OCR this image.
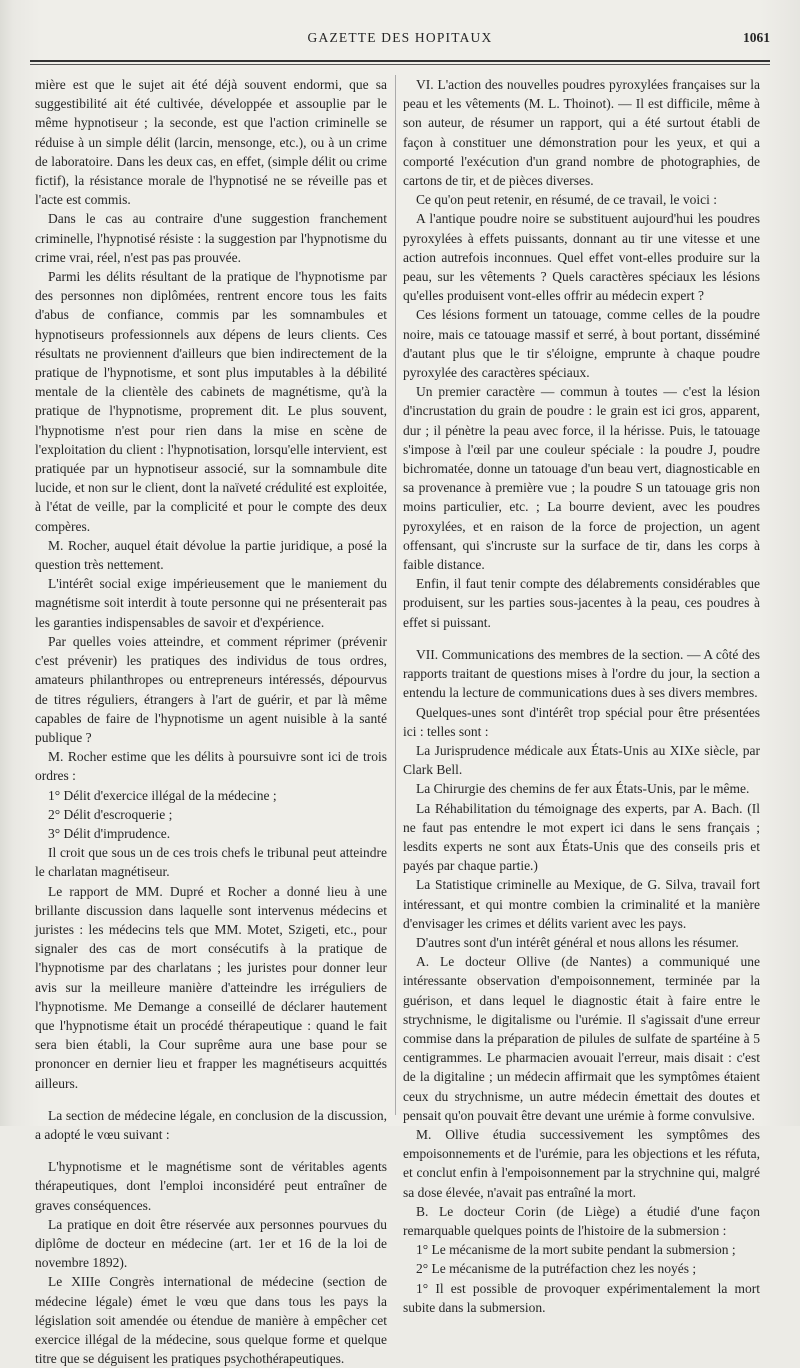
GAZETTE DES HOPITAUX	1061

mière est que le sujet ait été déjà souvent endormi, que sa suggestibilité ait été cultivée, développée et assouplie par le même hypnotiseur ; la seconde, est que l'action criminelle se réduise à un simple délit (larcin, mensonge, etc.), ou à un crime de laboratoire. Dans les deux cas, en effet, (simple délit ou crime fictif), la résistance morale de l'hypnotisé ne se réveille pas et l'acte est commis.

Dans le cas au contraire d'une suggestion franchement criminelle, l'hypnotisé résiste : la suggestion par l'hypnotisme du crime vrai, réel, n'est pas pas prouvée.

Parmi les délits résultant de la pratique de l'hypnotisme par des personnes non diplômées, rentrent encore tous les faits d'abus de confiance, commis par les somnambules et hypnotiseurs professionnels aux dépens de leurs clients. Ces résultats ne proviennent d'ailleurs que bien indirectement de la pratique de l'hypnotisme, et sont plus imputables à la débilité mentale de la clientèle des cabinets de magnétisme, qu'à la pratique de l'hypnotisme, proprement dit. Le plus souvent, l'hypnotisme n'est pour rien dans la mise en scène de l'exploitation du client : l'hypnotisation, lorsqu'elle intervient, est pratiquée par un hypnotiseur associé, sur la somnambule dite lucide, et non sur le client, dont la naïveté crédulité est exploitée, à l'état de veille, par la complicité et pour le compte des deux compères.

M. Rocher, auquel était dévolue la partie juridique, a posé la question très nettement.

L'intérêt social exige impérieusement que le maniement du magnétisme soit interdit à toute personne qui ne présenterait pas les garanties indispensables de savoir et d'expérience.

Par quelles voies atteindre, et comment réprimer (prévenir c'est prévenir) les pratiques des individus de tous ordres, amateurs philanthropes ou entrepreneurs intéressés, dépourvus de titres réguliers, étrangers à l'art de guérir, et par là même capables de faire de l'hypnotisme un agent nuisible à la santé publique ?

M. Rocher estime que les délits à poursuivre sont ici de trois ordres :

1° Délit d'exercice illégal de la médecine ;

2° Délit d'escroquerie ;

3° Délit d'imprudence.

Il croit que sous un de ces trois chefs le tribunal peut atteindre le charlatan magnétiseur.

Le rapport de MM. Dupré et Rocher a donné lieu à une brillante discussion dans laquelle sont intervenus médecins et juristes : les médecins tels que MM. Motet, Szigeti, etc., pour signaler des cas de mort consécutifs à la pratique de l'hypnotisme par des charlatans ; les juristes pour donner leur avis sur la meilleure manière d'atteindre les irréguliers de l'hypnotisme. Me Demange a conseillé de déclarer hautement que l'hypnotisme était un procédé thérapeutique : quand le fait sera bien établi, la Cour suprême aura une base pour se prononcer en dernier lieu et frapper les magnétiseurs acquittés ailleurs.

La section de médecine légale, en conclusion de la discussion, a adopté le vœu suivant :

L'hypnotisme et le magnétisme sont de véritables agents thérapeutiques, dont l'emploi inconsidéré peut entraîner de graves conséquences.

La pratique en doit être réservée aux personnes pourvues du diplôme de docteur en médecine (art. 1er et 16 de la loi de novembre 1892).

Le XIIIe Congrès international de médecine (section de médecine légale) émet le vœu que dans tous les pays la législation soit amendée ou étendue de manière à empêcher cet exercice illégal de la médecine, sous quelque forme et quelque titre que se déguisent les pratiques psychothérapeutiques.

VI. L'action des nouvelles poudres pyroxylées françaises sur la peau et les vêtements (M. L. Thoinot). — Il est difficile, même à son auteur, de résumer un rapport, qui a été surtout établi de façon à constituer une démonstration pour les yeux, et qui a comporté l'exécution d'un grand nombre de photographies, de cartons de tir, et de pièces diverses.

Ce qu'on peut retenir, en résumé, de ce travail, le voici :

A l'antique poudre noire se substituent aujourd'hui les poudres pyroxylées à effets puissants, donnant au tir une vitesse et une action autrefois inconnues. Quel effet vont-elles produire sur la peau, sur les vêtements ? Quels caractères spéciaux les lésions qu'elles produisent vont-elles offrir au médecin expert ?

Ces lésions forment un tatouage, comme celles de la poudre noire, mais ce tatouage massif et serré, à bout portant, disséminé d'autant plus que le tir s'éloigne, emprunte à chaque poudre pyroxylée des caractères spéciaux.

Un premier caractère — commun à toutes — c'est la lésion d'incrustation du grain de poudre : le grain est ici gros, apparent, dur ; il pénètre la peau avec force, il la hérisse. Puis, le tatouage s'impose à l'œil par une couleur spéciale : la poudre J, poudre bichromatée, donne un tatouage d'un beau vert, diagnosticable en sa provenance à première vue ; la poudre S un tatouage gris non moins particulier, etc. ; La bourre devient, avec les poudres pyroxylées, et en raison de la force de projection, un agent offensant, qui s'incruste sur la surface de tir, dans les corps à faible distance.

Enfin, il faut tenir compte des délabrements considérables que produisent, sur les parties sous-jacentes à la peau, ces poudres à effet si puissant.

VII. Communications des membres de la section. — A côté des rapports traitant de questions mises à l'ordre du jour, la section a entendu la lecture de communications dues à ses divers membres.

Quelques-unes sont d'intérêt trop spécial pour être présentées ici : telles sont :

La Jurisprudence médicale aux États-Unis au XIXe siècle, par Clark Bell.

La Chirurgie des chemins de fer aux États-Unis, par le même.

La Réhabilitation du témoignage des experts, par A. Bach. (Il ne faut pas entendre le mot expert ici dans le sens français ; lesdits experts ne sont aux États-Unis que des conseils pris et payés par chaque partie.)

La Statistique criminelle au Mexique, de G. Silva, travail fort intéressant, et qui montre combien la criminalité et la manière d'envisager les crimes et délits varient avec les pays.

D'autres sont d'un intérêt général et nous allons les résumer.

A. Le docteur Ollive (de Nantes) a communiqué une intéressante observation d'empoisonnement, terminée par la guérison, et dans lequel le diagnostic était à faire entre le strychnisme, le digitalisme ou l'urémie. Il s'agissait d'une erreur commise dans la préparation de pilules de sulfate de spartéine à 5 centigrammes. Le pharmacien avouait l'erreur, mais disait : c'est de la digitaline ; un médecin affirmait que les symptômes étaient ceux du strychnisme, un autre médecin émettait des doutes et pensait qu'on pouvait être devant une urémie à forme convulsive.

M. Ollive étudia successivement les symptômes des empoisonnements et de l'urémie, para les objections et les réfuta, et conclut enfin à l'empoisonnement par la strychnine qui, malgré sa dose élevée, n'avait pas entraîné la mort.

B. Le docteur Corin (de Liège) a étudié d'une façon remarquable quelques points de l'histoire de la submersion :

1° Le mécanisme de la mort subite pendant la submersion ;

2° Le mécanisme de la putréfaction chez les noyés ;

1° Il est possible de provoquer expérimentalement la mort subite dans la submersion.
